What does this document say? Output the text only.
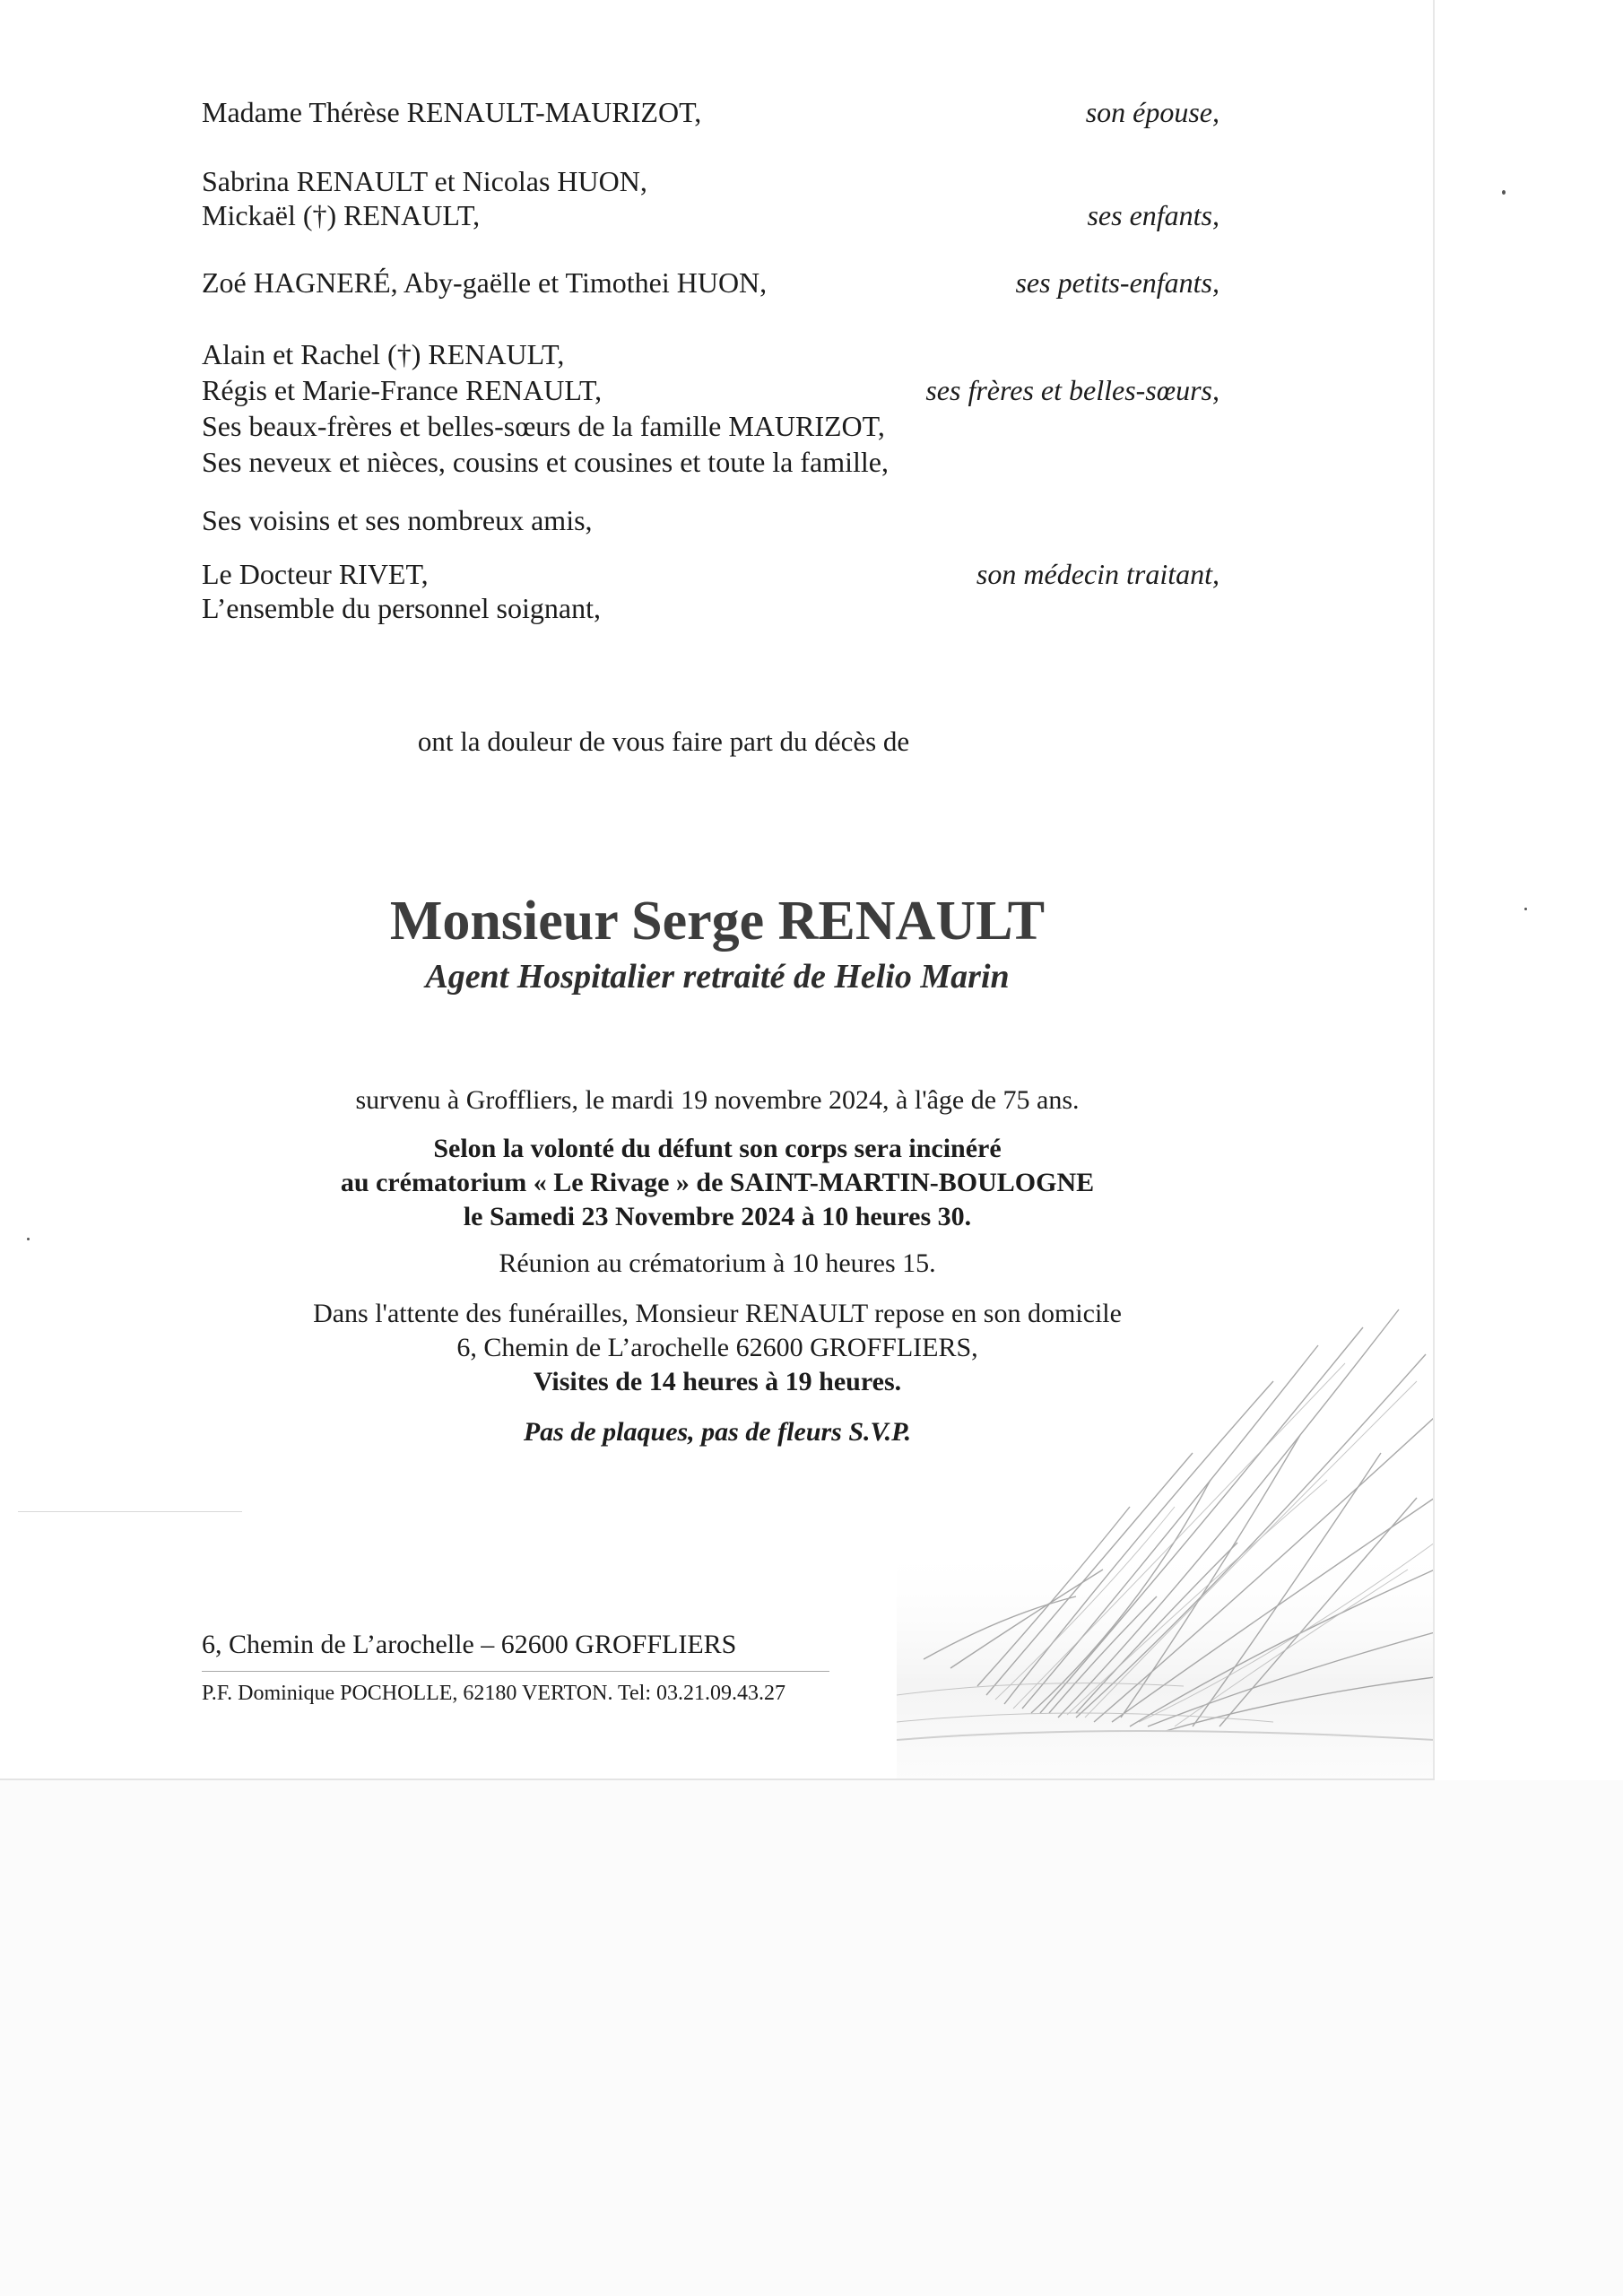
Madame Thérèse RENAULT-MAURIZOT,	son épouse,
Sabrina RENAULT et Nicolas HUON,
Mickaël (†) RENAULT,	ses enfants,
Zoé HAGNERÉ, Aby-gaëlle et Timothei HUON,	ses petits-enfants,
Alain et Rachel (†) RENAULT,
Régis et Marie-France RENAULT,	ses frères et belles-sœurs,
Ses beaux-frères et belles-sœurs de la famille MAURIZOT,
Ses neveux et nièces, cousins et cousines et toute la famille,
Ses voisins et ses nombreux amis,
Le Docteur RIVET,	son médecin traitant,
L’ensemble du personnel soignant,
ont la douleur de vous faire part du décès de
Monsieur Serge RENAULT
Agent Hospitalier retraité de Helio Marin
survenu à Groffliers, le mardi 19 novembre 2024, à l'âge de 75 ans.
Selon la volonté du défunt son corps sera incinéré
au crématorium « Le Rivage » de SAINT-MARTIN-BOULOGNE
le Samedi 23 Novembre 2024 à 10 heures 30.
Réunion au crématorium à 10 heures 15.
Dans l'attente des funérailles, Monsieur RENAULT repose en son domicile
6, Chemin de L’arochelle 62600 GROFFLIERS,
Visites de 14 heures à 19 heures.
Pas de plaques, pas de fleurs S.V.P.
6, Chemin de L’arochelle – 62600 GROFFLIERS
P.F. Dominique POCHOLLE, 62180 VERTON. Tel: 03.21.09.43.27
